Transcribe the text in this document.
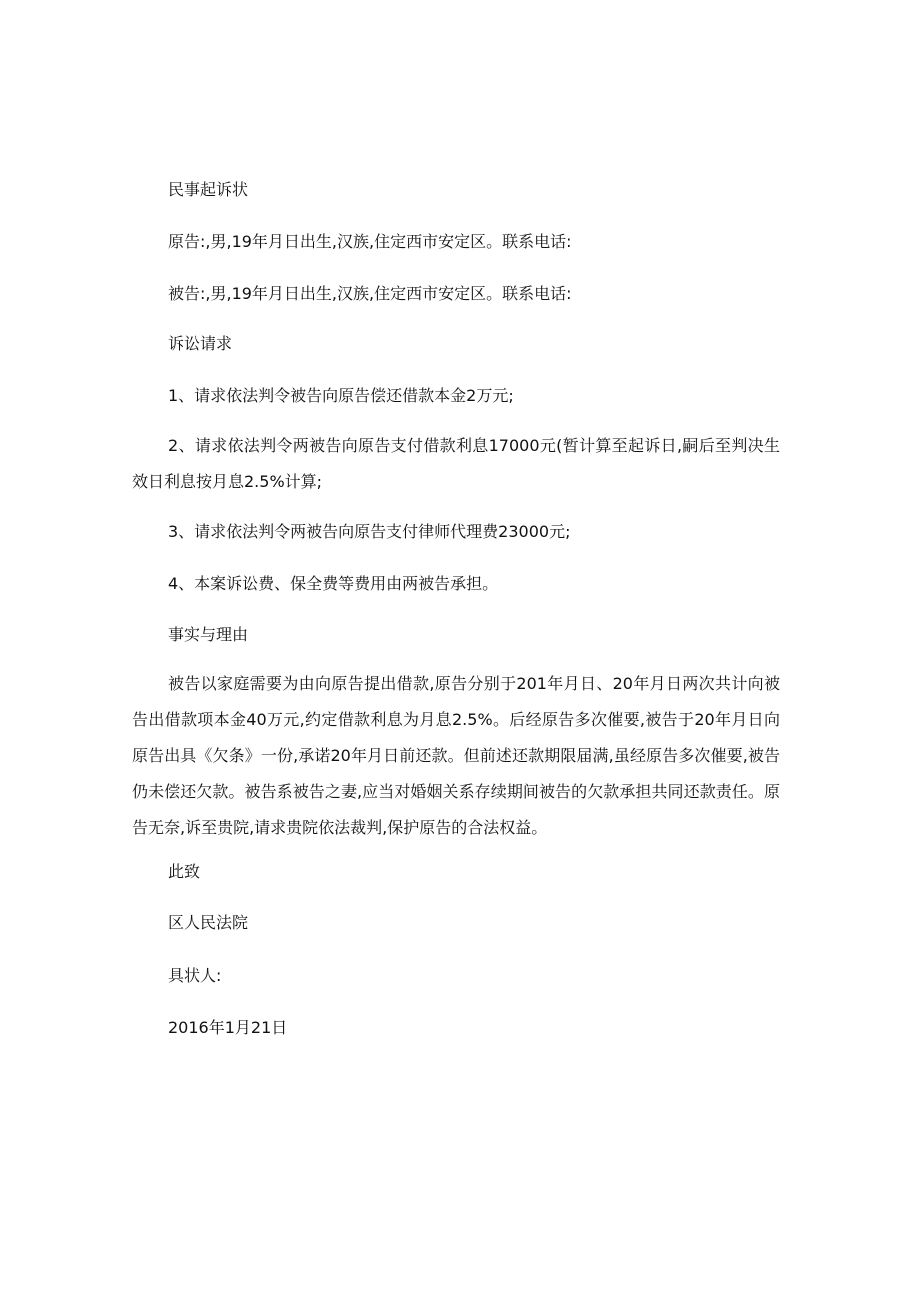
民事起诉状
原告:,男,19年月日出生,汉族,住定西市安定区。联系电话:
被告:,男,19年月日出生,汉族,住定西市安定区。联系电话:
诉讼请求
1、请求依法判令被告向原告偿还借款本金2万元;
2、请求依法判令两被告向原告支付借款利息17000元(暂计算至起诉日,嗣后至判决生效日利息按月息2.5%计算;
3、请求依法判令两被告向原告支付律师代理费23000元;
4、本案诉讼费、保全费等费用由两被告承担。
事实与理由
被告以家庭需要为由向原告提出借款,原告分别于201年月日、20年月日两次共计向被告出借款项本金40万元,约定借款利息为月息2.5%。后经原告多次催要,被告于20年月日向原告出具《欠条》一份,承诺20年月日前还款。但前述还款期限届满,虽经原告多次催要,被告仍未偿还欠款。被告系被告之妻,应当对婚姻关系存续期间被告的欠款承担共同还款责任。原告无奈,诉至贵院,请求贵院依法裁判,保护原告的合法权益。
此致
区人民法院
具状人:
2016年1月21日
